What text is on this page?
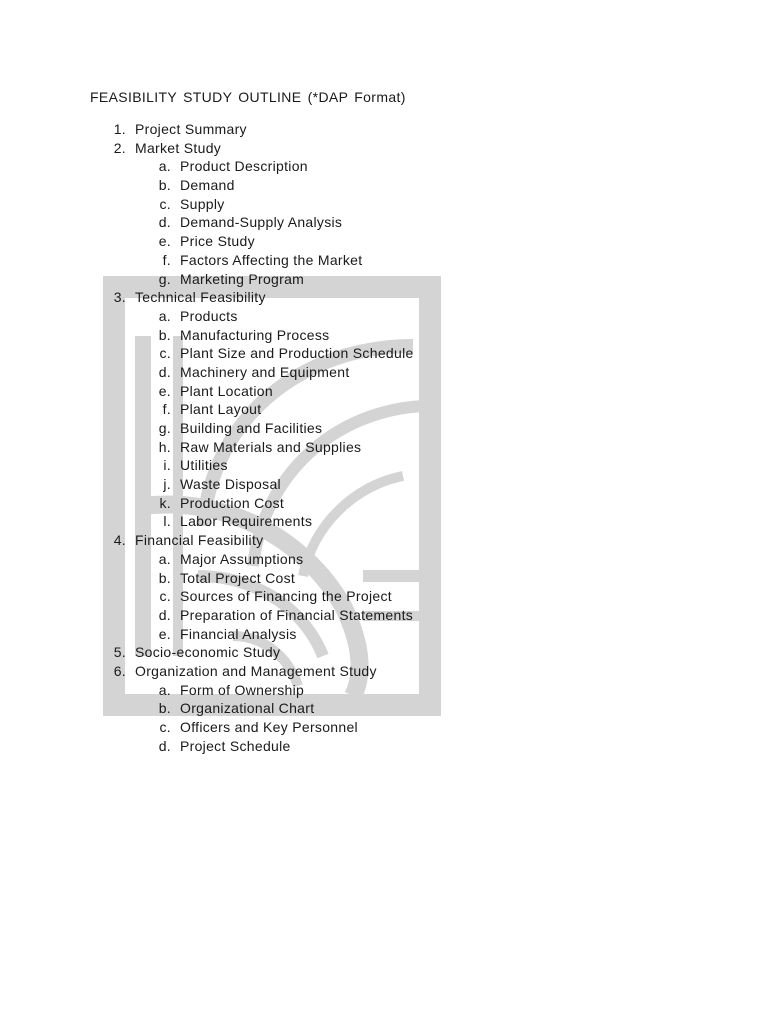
FEASIBILITY STUDY OUTLINE (*DAP Format)
1. Project Summary
2. Market Study
a. Product Description
b. Demand
c. Supply
d. Demand-Supply Analysis
e. Price Study
f. Factors Affecting the Market
g. Marketing Program
3. Technical Feasibility
a. Products
b. Manufacturing Process
c. Plant Size and Production Schedule
d. Machinery and Equipment
e. Plant Location
f. Plant Layout
g. Building and Facilities
h. Raw Materials and Supplies
i. Utilities
j. Waste Disposal
k. Production Cost
l. Labor Requirements
4. Financial Feasibility
a. Major Assumptions
b. Total Project Cost
c. Sources of Financing the Project
d. Preparation of Financial Statements
e. Financial Analysis
5. Socio-economic Study
6. Organization and Management Study
a. Form of Ownership
b. Organizational Chart
c. Officers and Key Personnel
d. Project Schedule
